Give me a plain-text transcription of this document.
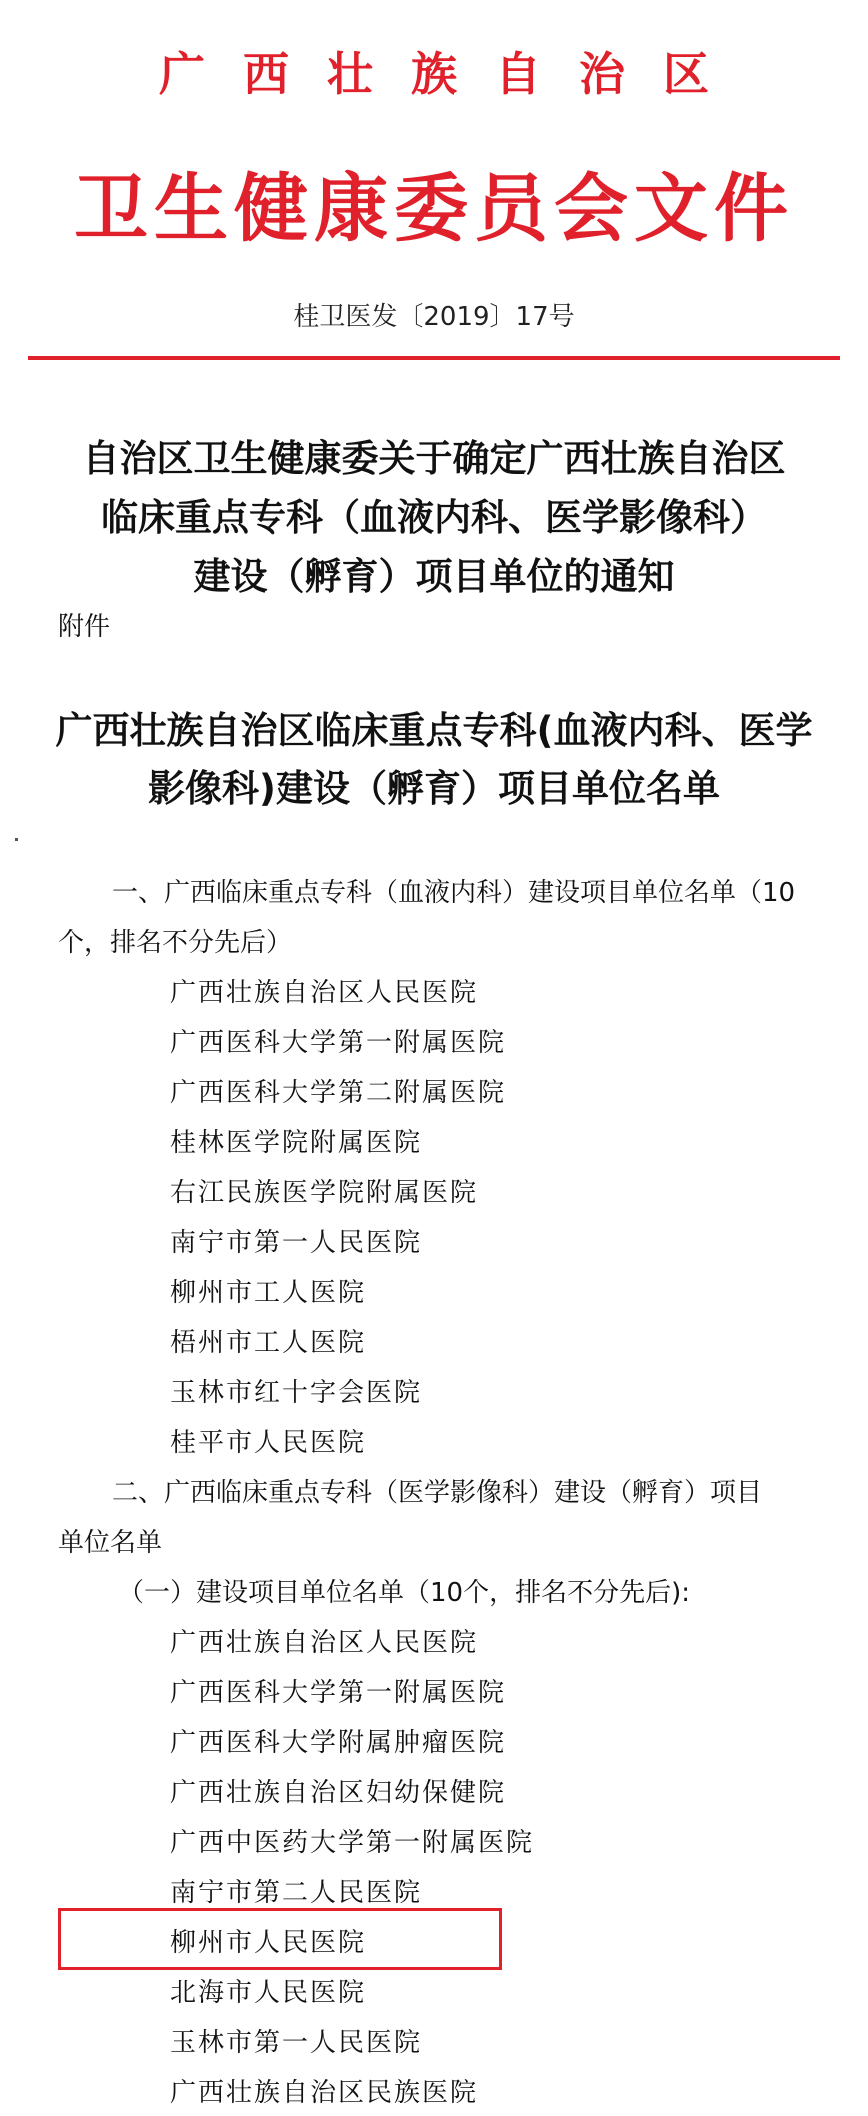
广西壮族自治区
卫生健康委员会文件
桂卫医发〔2019〕17号
自治区卫生健康委关于确定广西壮族自治区
临床重点专科（血液内科、医学影像科）
建设（孵育）项目单位的通知
附件
广西壮族自治区临床重点专科(血液内科、医学
影像科)建设（孵育）项目单位名单
一、广西临床重点专科（血液内科）建设项目单位名单（10
个，排名不分先后）
广西壮族自治区人民医院
广西医科大学第一附属医院
广西医科大学第二附属医院
桂林医学院附属医院
右江民族医学院附属医院
南宁市第一人民医院
柳州市工人医院
梧州市工人医院
玉林市红十字会医院
桂平市人民医院
二、广西临床重点专科（医学影像科）建设（孵育）项目
单位名单
（一）建设项目单位名单（10个，排名不分先后):
广西壮族自治区人民医院
广西医科大学第一附属医院
广西医科大学附属肿瘤医院
广西壮族自治区妇幼保健院
广西中医药大学第一附属医院
南宁市第二人民医院
柳州市人民医院
北海市人民医院
玉林市第一人民医院
广西壮族自治区民族医院
